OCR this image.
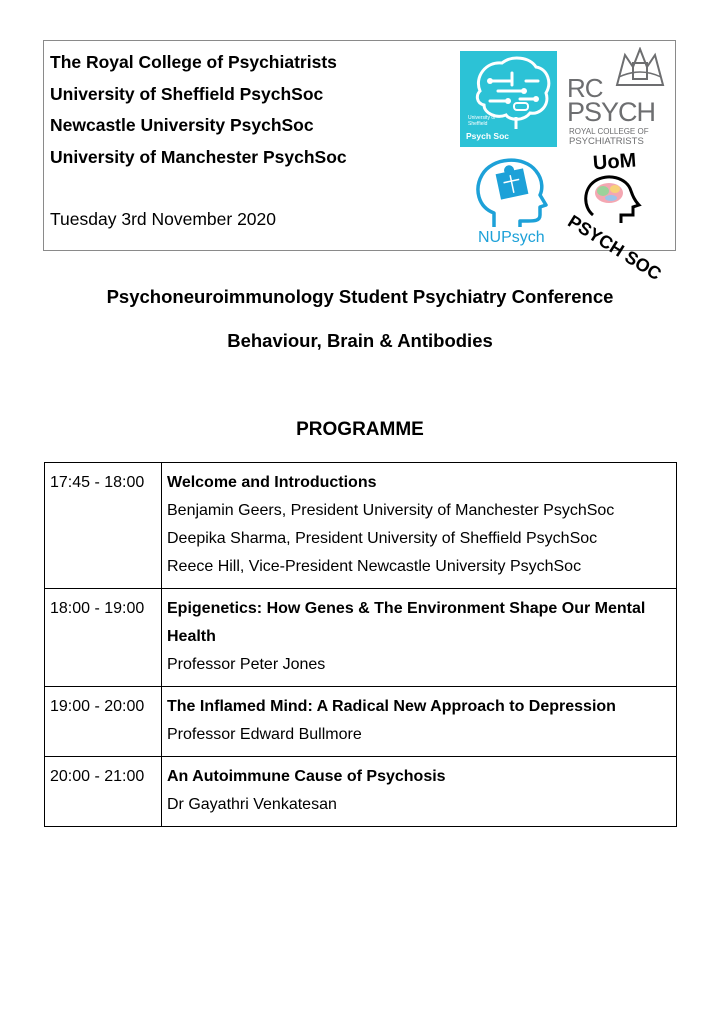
The Royal College of Psychiatrists
University of Sheffield PsychSoc
Newcastle University PsychSoc
University of Manchester PsychSoc
Tuesday 3rd November 2020
University of
Sheffield
Psych Soc
RC
PSYCH
ROYAL COLLEGE OF
PSYCHIATRISTS
NUPsych
UoM
PSYCH SOC
Psychoneuroimmunology Student Psychiatry Conference
Behaviour, Brain & Antibodies
PROGRAMME
17:45 - 18:00	Welcome and Introductions
Benjamin Geers, President University of Manchester PsychSoc
Deepika Sharma, President University of Sheffield PsychSoc
Reece Hill, Vice-President Newcastle University PsychSoc

18:00 - 19:00	Epigenetics: How Genes & The Environment Shape Our Mental Health
Professor Peter Jones

19:00 - 20:00	The Inflamed Mind: A Radical New Approach to Depression
Professor Edward Bullmore

20:00 - 21:00	An Autoimmune Cause of Psychosis
Dr Gayathri Venkatesan
